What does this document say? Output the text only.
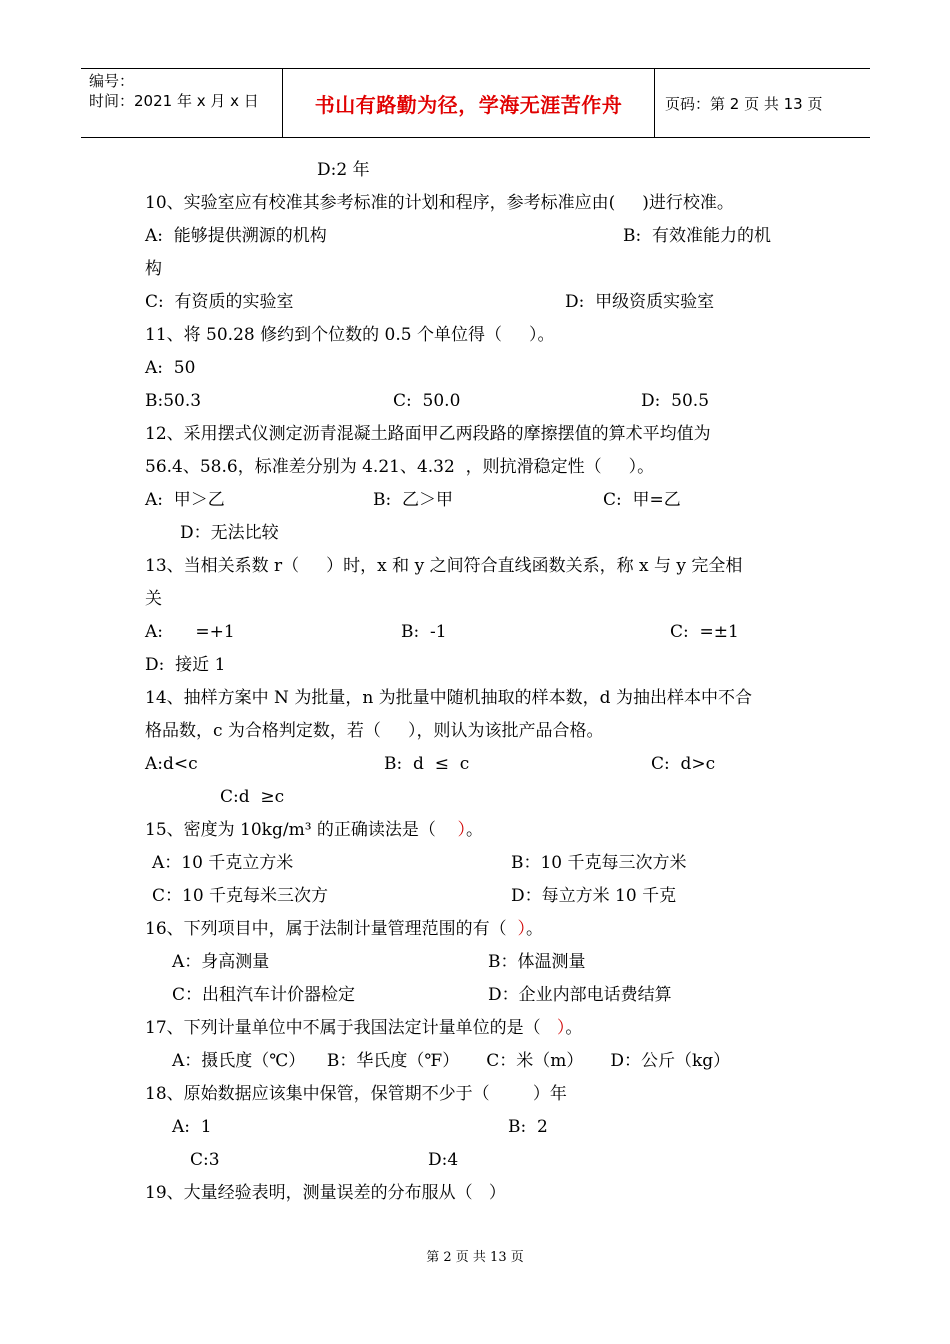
编号：
时间：2021 年 x 月 x 日	书山有路勤为径，学海无涯苦作舟	页码：第 2 页 共 13 页
D:2 年
10、实验室应有校准其参考标准的计划和程序，参考标准应由(     )进行校准。
A:  能够提供溯源的机构	B:  有效准能力的机
构
C:  有资质的实验室	D:  甲级资质实验室
11、将 50.28 修约到个位数的 0.5 个单位得（     ）。
A:  50
B:50.3	C:  50.0	D:  50.5
12、采用摆式仪测定沥青混凝土路面甲乙两段路的摩擦摆值的算术平均值为
56.4、58.6，标准差分别为 4.21、4.32  ，则抗滑稳定性（     ）。
A:  甲＞乙	B:  乙＞甲	C:  甲=乙
D：无法比较
13、当相关系数 r（     ）时，x 和 y 之间符合直线函数关系，称 x 与 y 完全相
关
A:      =+1	B:  -1	C:  =±1
D:  接近 1
14、抽样方案中 N 为批量，n 为批量中随机抽取的样本数，d 为抽出样本中不合
格品数，c 为合格判定数，若（     ），则认为该批产品合格。
A:d<c	B:  d  ≤  c	C:  d>c
C:d  ≥c
15、密度为 10kg/m³ 的正确读法是（ ）。
A：10 千克立方米	B：10 千克每三次方米
C：10 千克每米三次方	D：每立方米 10 千克
16、下列项目中，属于法制计量管理范围的有（ ）。
A：身高测量	B：体温测量
C：出租汽车计价器检定	D：企业内部电话费结算
17、下列计量单位中不属于我国法定计量单位的是（ ）。
A：摄氏度（℃）    B：华氏度（℉）     C：米（m）     D：公斤（kg）
18、原始数据应该集中保管，保管期不少于（        ）年
A:  1	B:  2
C:3	D:4
19、大量经验表明，测量误差的分布服从（   ）
第 2 页 共 13 页
